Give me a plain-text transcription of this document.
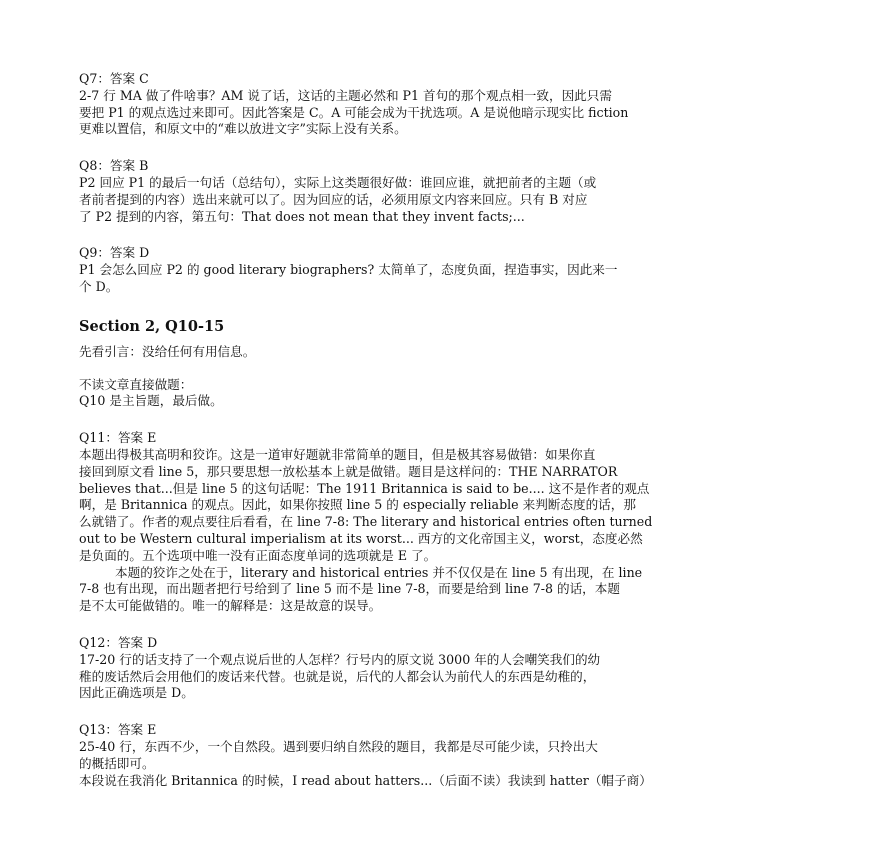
Q7：答案 C

2-7 行 MA 做了件啥事？AM 说了话，这话的主题必然和 P1 首句的那个观点相一致，因此只需
要把 P1 的观点选过来即可。因此答案是 C。A 可能会成为干扰选项。A 是说他暗示现实比 fiction
更难以置信，和原文中的“难以放进文字”实际上没有关系。

Q8：答案 B

P2 回应 P1 的最后一句话（总结句），实际上这类题很好做：谁回应谁，就把前者的主题（或
者前者提到的内容）选出来就可以了。因为回应的话，必须用原文内容来回应。只有 B 对应
了 P2 提到的内容，第五句：That does not mean that they invent facts;...

Q9：答案 D

P1 会怎么回应 P2 的 good literary biographers? 太简单了，态度负面，捏造事实，因此来一
个 D。

Section 2, Q10-15

先看引言：没给任何有用信息。

不读文章直接做题：
Q10 是主旨题，最后做。

Q11：答案 E

本题出得极其高明和狡诈。这是一道审好题就非常简单的题目，但是极其容易做错：如果你直
接回到原文看 line 5，那只要思想一放松基本上就是做错。题目是这样问的：THE NARRATOR
believes that...但是 line 5 的这句话呢：The 1911 Britannica is said to be.... 这不是作者的观点
啊，是 Britannica 的观点。因此，如果你按照 line 5 的 especially reliable 来判断态度的话，那
么就错了。作者的观点要往后看看，在 line 7-8: The literary and historical entries often turned
out to be Western cultural imperialism at its worst... 西方的文化帝国主义，worst，态度必然
是负面的。五个选项中唯一没有正面态度单词的选项就是 E 了。
本题的狡诈之处在于，literary and historical entries 并不仅仅是在 line 5 有出现，在 line
7-8 也有出现，而出题者把行号给到了 line 5 而不是 line 7-8，而要是给到 line 7-8 的话，本题
是不太可能做错的。唯一的解释是：这是故意的误导。

Q12：答案 D

17-20 行的话支持了一个观点说后世的人怎样？行号内的原文说 3000 年的人会嘲笑我们的幼
稚的废话然后会用他们的废话来代替。也就是说，后代的人都会认为前代人的东西是幼稚的，
因此正确选项是 D。

Q13：答案 E

25-40 行，东西不少，一个自然段。遇到要归纳自然段的题目，我都是尽可能少读，只拎出大
的概括即可。
本段说在我消化 Britannica 的时候，I read about hatters...（后面不读）我读到 hatter（帽子商）
